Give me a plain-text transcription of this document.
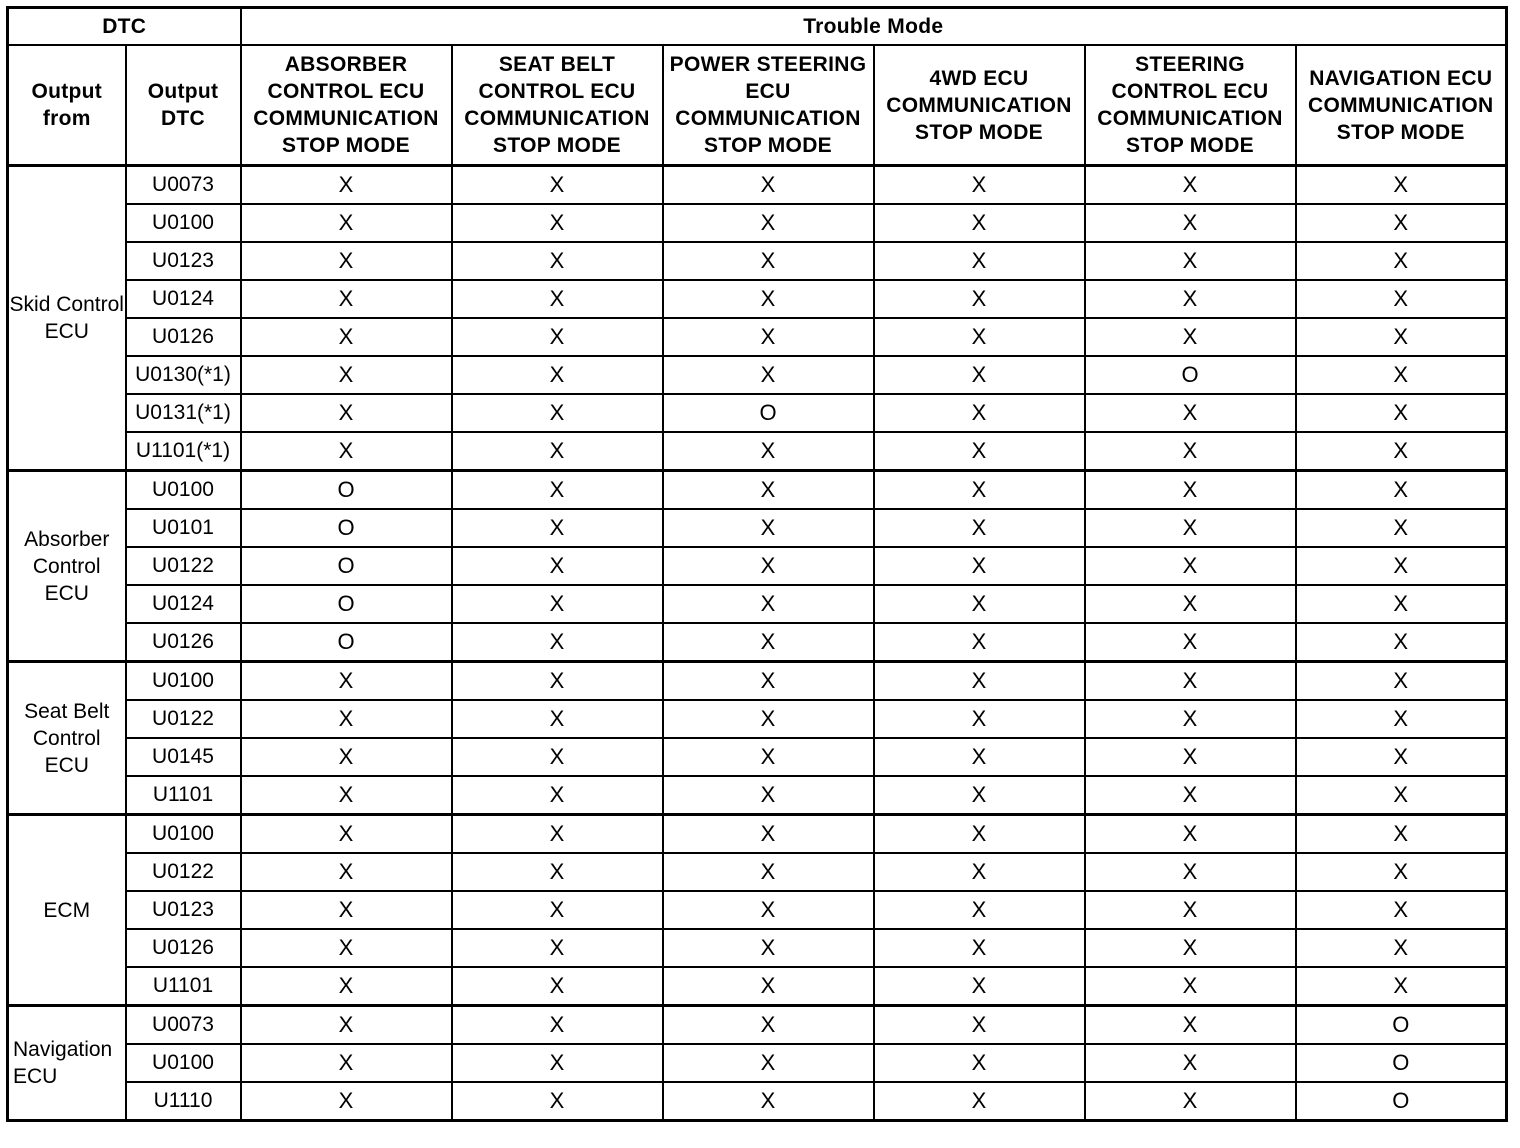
DTC		Trouble Mode					
Output from	Output DTC	ABSORBER CONTROL ECU COMMUNICATION STOP MODE	SEAT BELT CONTROL ECU COMMUNICATION STOP MODE	POWER STEERING ECU COMMUNICATION STOP MODE	4WD ECU COMMUNICATION STOP MODE	STEERING CONTROL ECU COMMUNICATION STOP MODE	NAVIGATION ECU COMMUNICATION STOP MODE
Skid Control ECU	U0073	X	X	X	X	X	X
	U0100	X	X	X	X	X	X
	U0123	X	X	X	X	X	X
	U0124	X	X	X	X	X	X
	U0126	X	X	X	X	X	X
	U0130(*1)	X	X	X	X	O	X
	U0131(*1)	X	X	O	X	X	X
	U1101(*1)	X	X	X	X	X	X
Absorber Control ECU	U0100	O	X	X	X	X	X
	U0101	O	X	X	X	X	X
	U0122	O	X	X	X	X	X
	U0124	O	X	X	X	X	X
	U0126	O	X	X	X	X	X
Seat Belt Control ECU	U0100	X	X	X	X	X	X
	U0122	X	X	X	X	X	X
	U0145	X	X	X	X	X	X
	U1101	X	X	X	X	X	X
ECM	U0100	X	X	X	X	X	X
	U0122	X	X	X	X	X	X
	U0123	X	X	X	X	X	X
	U0126	X	X	X	X	X	X
	U1101	X	X	X	X	X	X
Navigation ECU	U0073	X	X	X	X	X	O
	U0100	X	X	X	X	X	O
	U1110	X	X	X	X	X	O
